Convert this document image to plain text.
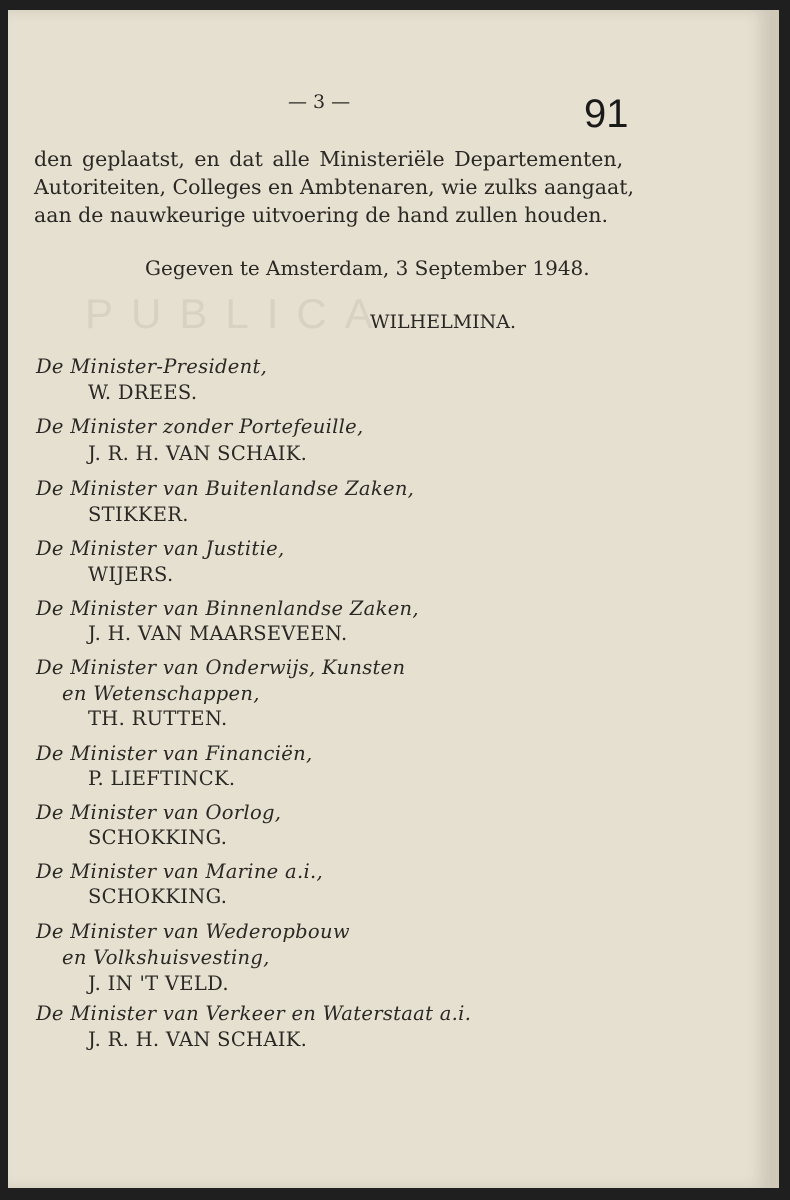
PUBLICA
— 3 —	91
den geplaatst, en dat alle Ministeriële Departementen,
Autoriteiten, Colleges en Ambtenaren, wie zulks aangaat,
aan de nauwkeurige uitvoering de hand zullen houden.
Gegeven te Amsterdam, 3 September 1948.
WILHELMINA.
De Minister-President,
W. DREES.
De Minister zonder Portefeuille,
J. R. H. VAN SCHAIK.
De Minister van Buitenlandse Zaken,
STIKKER.
De Minister van Justitie,
WIJERS.
De Minister van Binnenlandse Zaken,
J. H. VAN MAARSEVEEN.
De Minister van Onderwijs, Kunsten
en Wetenschappen,
TH. RUTTEN.
De Minister van Financiën,
P. LIEFTINCK.
De Minister van Oorlog,
SCHOKKING.
De Minister van Marine a.i.,
SCHOKKING.
De Minister van Wederopbouw
en Volkshuisvesting,
J. IN 'T VELD.
De Minister van Verkeer en Waterstaat a.i.
J. R. H. VAN SCHAIK.
